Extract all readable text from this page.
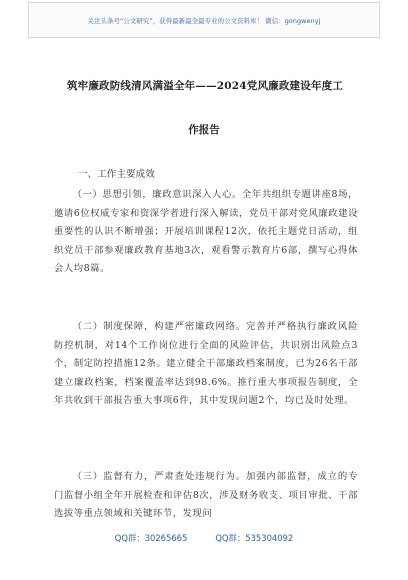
关注头条号“公文研究”，获得最新最全最专业的公文资料库！ 微信：gongwenyj
筑牢廉政防线清风满溢全年——2024党风廉政建设年度工
作报告
一、工作主要成效

（一）思想引领，廉政意识深入人心。全年共组织专题讲座8场，邀请6位权威专家和资深学者进行深入解读，党员干部对党风廉政建设重要性的认识不断增强；开展培训课程12次，依托主题党日活动，组织党员干部参观廉政教育基地3次，观看警示教育片6部，撰写心得体会人均8篇。

（二）制度保障，构建严密廉政网络。完善并严格执行廉政风险防控机制，对14个工作岗位进行全面的风险评估，共识别出风险点3个，制定防控措施12条。建立健全干部廉政档案制度，已为26名干部建立廉政档案，档案覆盖率达到98.6%。推行重大事项报告制度，全年共收到干部报告重大事项6件，其中发现问题2个，均已及时处理。

（三）监督有力，严肃查处违规行为。加强内部监督，成立的专门监督小组全年开展检查和评估8次，涉及财务收支、项目审批、干部选拔等重点领域和关键环节，发现问

QQ群：30265665	QQ群：535304092
